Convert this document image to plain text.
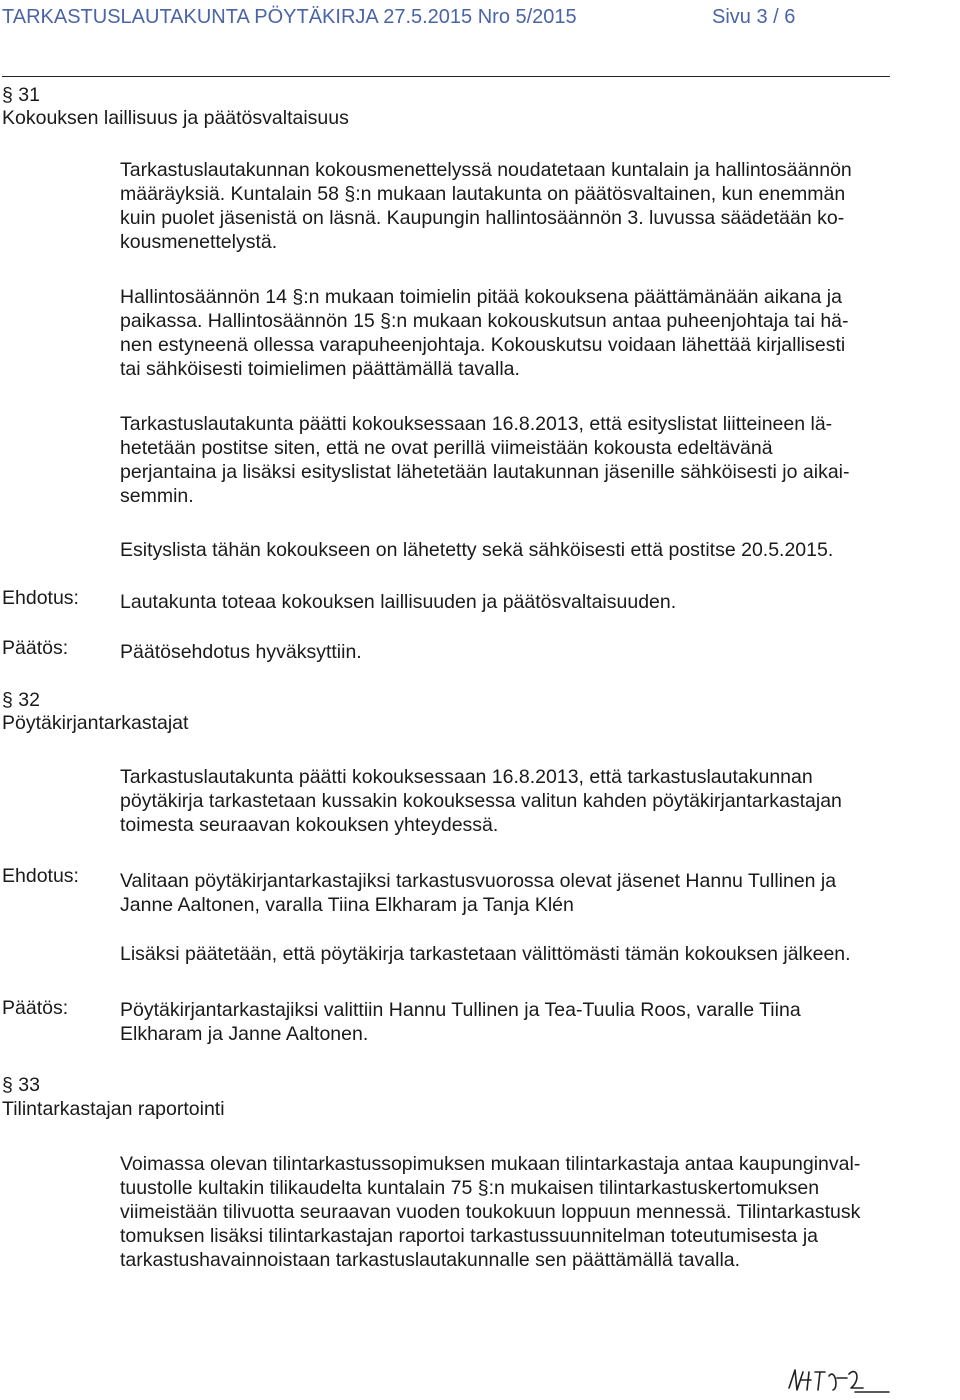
TARKASTUSLAUTAKUNTA PÖYTÄKIRJA 27.5.2015 Nro 5/2015	Sivu 3 / 6
§ 31
Kokouksen laillisuus ja päätösvaltaisuus
Tarkastuslautakunnan kokousmenettelyssä noudatetaan kuntalain ja hallintosäännön
määräyksiä. Kuntalain 58 §:n mukaan lautakunta on päätösvaltainen, kun enemmän
kuin puolet jäsenistä on läsnä. Kaupungin hallintosäännön 3. luvussa säädetään ko-
kousmenettelystä.
Hallintosäännön 14 §:n mukaan toimielin pitää kokouksena päättämänään aikana ja
paikassa. Hallintosäännön 15 §:n mukaan kokouskutsun antaa puheenjohtaja tai hä-
nen estyneenä ollessa varapuheenjohtaja. Kokouskutsu voidaan lähettää kirjallisesti
tai sähköisesti toimielimen päättämällä tavalla.
Tarkastuslautakunta päätti kokouksessaan 16.8.2013, että esityslistat liitteineen lä-
hetetään postitse siten, että ne ovat perillä viimeistään kokousta edeltävänä
perjantaina ja lisäksi esityslistat lähetetään lautakunnan jäsenille sähköisesti jo aikai-
semmin.
Esityslista tähän kokoukseen on lähetetty sekä sähköisesti että postitse 20.5.2015.
Ehdotus: Lautakunta toteaa kokouksen laillisuuden ja päätösvaltaisuuden.
Päätös:	Päätösehdotus hyväksyttiin.
§ 32
Pöytäkirjantarkastajat
Tarkastuslautakunta päätti kokouksessaan 16.8.2013, että tarkastuslautakunnan
pöytäkirja tarkastetaan kussakin kokouksessa valitun kahden pöytäkirjantarkastajan
toimesta seuraavan kokouksen yhteydessä.
Ehdotus: Valitaan pöytäkirjantarkastajiksi tarkastusvuorossa olevat jäsenet Hannu Tullinen ja
Janne Aaltonen, varalla Tiina Elkharam ja Tanja Klén
Lisäksi päätetään, että pöytäkirja tarkastetaan välittömästi tämän kokouksen jälkeen.
Päätös:	Pöytäkirjantarkastajiksi valittiin Hannu Tullinen ja Tea-Tuulia Roos, varalle Tiina
Elkharam ja Janne Aaltonen.
§ 33
Tilintarkastajan raportointi
Voimassa olevan tilintarkastussopimuksen mukaan tilintarkastaja antaa kaupunginval-
tuustolle kultakin tilikaudelta kuntalain 75 §:n mukaisen tilintarkastuskertomuksen
viimeistään tilivuotta seuraavan vuoden toukokuun loppuun mennessä. Tilintarkastusk
tomuksen lisäksi tilintarkastajan raportoi tarkastussuunnitelman toteutumisesta ja
tarkastushavainnoistaan tarkastuslautakunnalle sen päättämällä tavalla.
